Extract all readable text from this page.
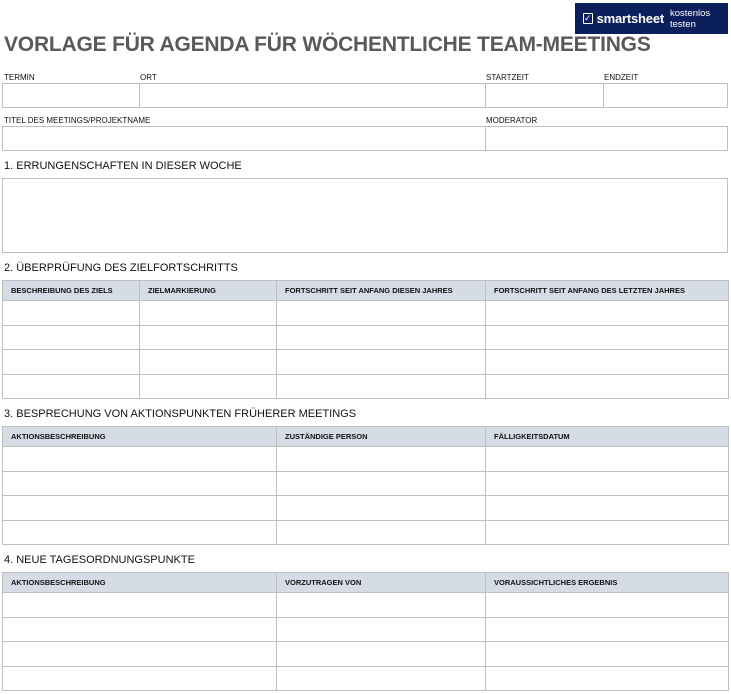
✓ smartsheet kostenlos testen
VORLAGE FÜR AGENDA FÜR WÖCHENTLICHE TEAM-MEETINGS
TERMIN	ORT	STARTZEIT	ENDZEIT
TITEL DES MEETINGS/PROJEKTNAME	MODERATOR
1. ERRUNGENSCHAFTEN IN DIESER WOCHE
2. ÜBERPRÜFUNG DES ZIELFORTSCHRITTS
BESCHREIBUNG DES ZIELS	ZIELMARKIERUNG	FORTSCHRITT SEIT ANFANG DIESEN JAHRES	FORTSCHRITT SEIT ANFANG DES LETZTEN JAHRES

3. BESPRECHUNG VON AKTIONSPUNKTEN FRÜHERER MEETINGS
AKTIONSBESCHREIBUNG	ZUSTÄNDIGE PERSON	FÄLLIGKEITSDATUM

4. NEUE TAGESORDNUNGSPUNKTE
AKTIONSBESCHREIBUNG	VORZUTRAGEN VON	VORAUSSICHTLICHES ERGEBNIS
